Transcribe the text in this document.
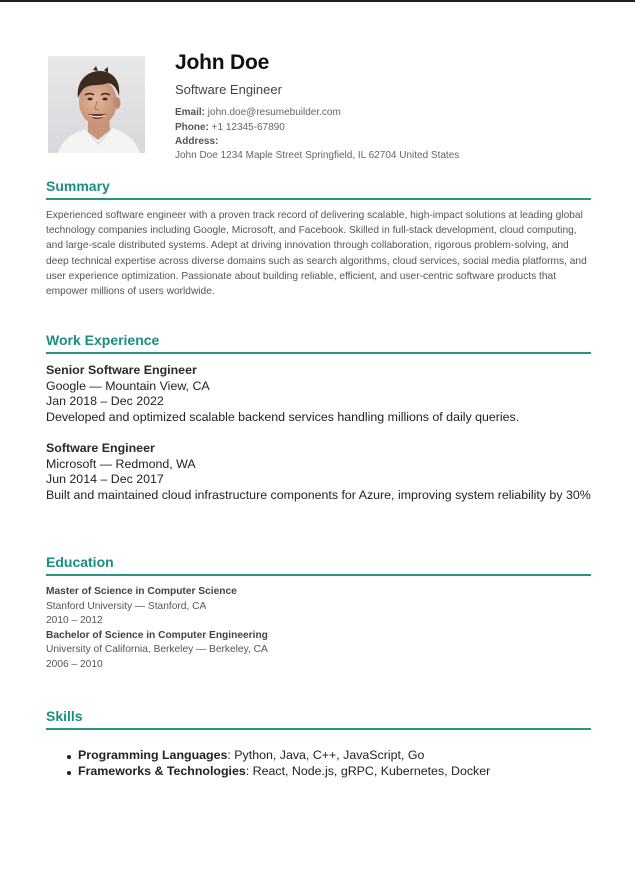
John Doe
Software Engineer
Email: john.doe@resumebuilder.com
Phone: +1 12345-67890
Address:
John Doe 1234 Maple Street Springfield, IL 62704 United States
Summary
Experienced software engineer with a proven track record of delivering scalable, high-impact solutions at leading global technology companies including Google, Microsoft, and Facebook. Skilled in full-stack development, cloud computing, and large-scale distributed systems. Adept at driving innovation through collaboration, rigorous problem-solving, and deep technical expertise across diverse domains such as search algorithms, cloud services, social media platforms, and user experience optimization. Passionate about building reliable, efficient, and user-centric software products that empower millions of users worldwide.
Work Experience
Senior Software Engineer
Google — Mountain View, CA
Jan 2018 – Dec 2022
Developed and optimized scalable backend services handling millions of daily queries.
Software Engineer
Microsoft — Redmond, WA
Jun 2014 – Dec 2017
Built and maintained cloud infrastructure components for Azure, improving system reliability by 30%
Education
Master of Science in Computer Science
Stanford University — Stanford, CA
2010 – 2012
Bachelor of Science in Computer Engineering
University of California, Berkeley — Berkeley, CA
2006 – 2010
Skills
Programming Languages: Python, Java, C++, JavaScript, Go
Frameworks & Technologies: React, Node.js, gRPC, Kubernetes, Docker
